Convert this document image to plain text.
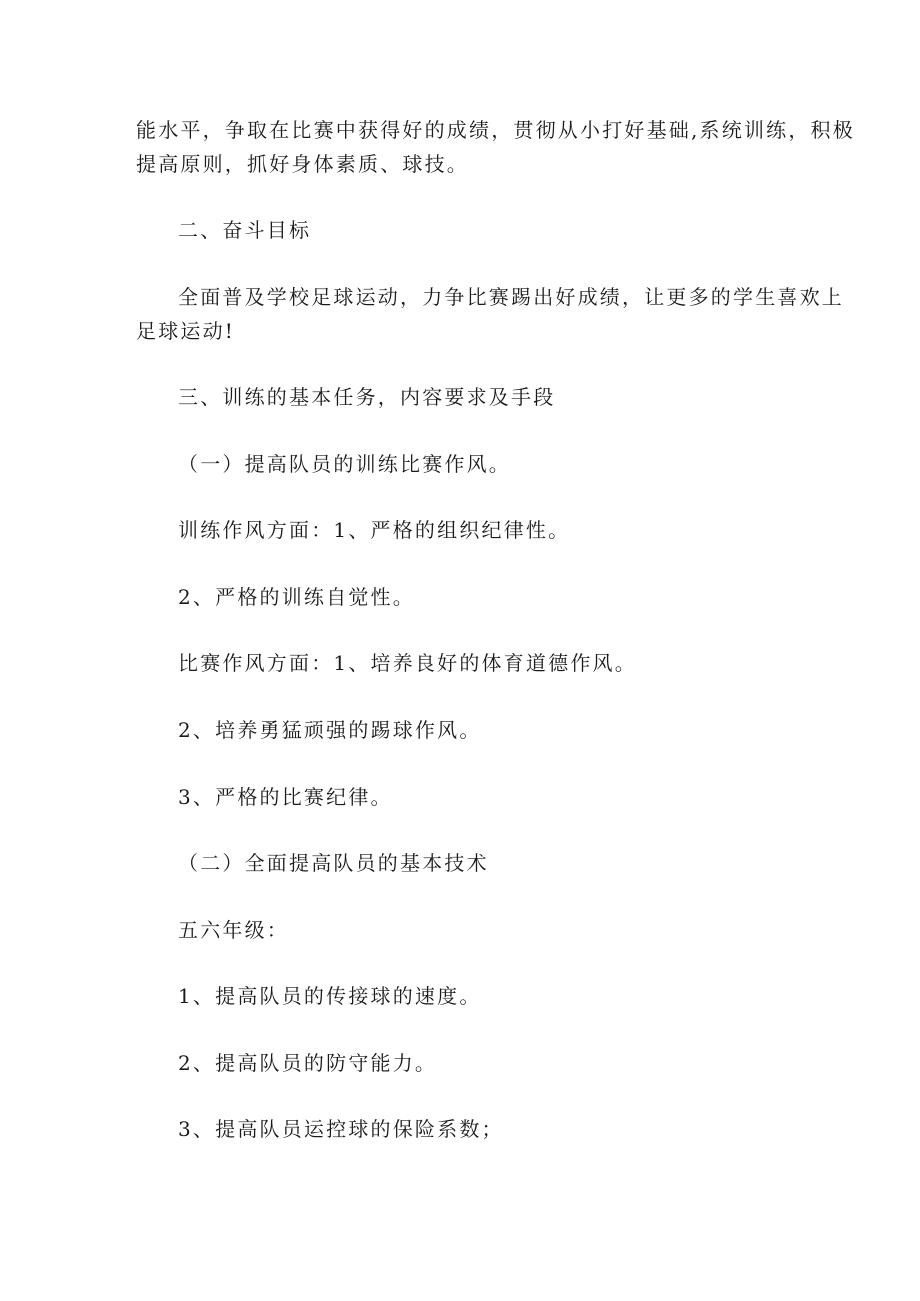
能水平，争取在比赛中获得好的成绩，贯彻从小打好基础,系统训练，积极
提高原则，抓好身体素质、球技。
二、奋斗目标
全面普及学校足球运动，力争比赛踢出好成绩，让更多的学生喜欢上
足球运动!
三、训练的基本任务，内容要求及手段
（一）提高队员的训练比赛作风。
训练作风方面：1、严格的组织纪律性。
2、严格的训练自觉性。
比赛作风方面：1、培养良好的体育道德作风。
2、培养勇猛顽强的踢球作风。
3、严格的比赛纪律。
（二）全面提高队员的基本技术
五六年级：
1、提高队员的传接球的速度。
2、提高队员的防守能力。
3、提高队员运控球的保险系数；
